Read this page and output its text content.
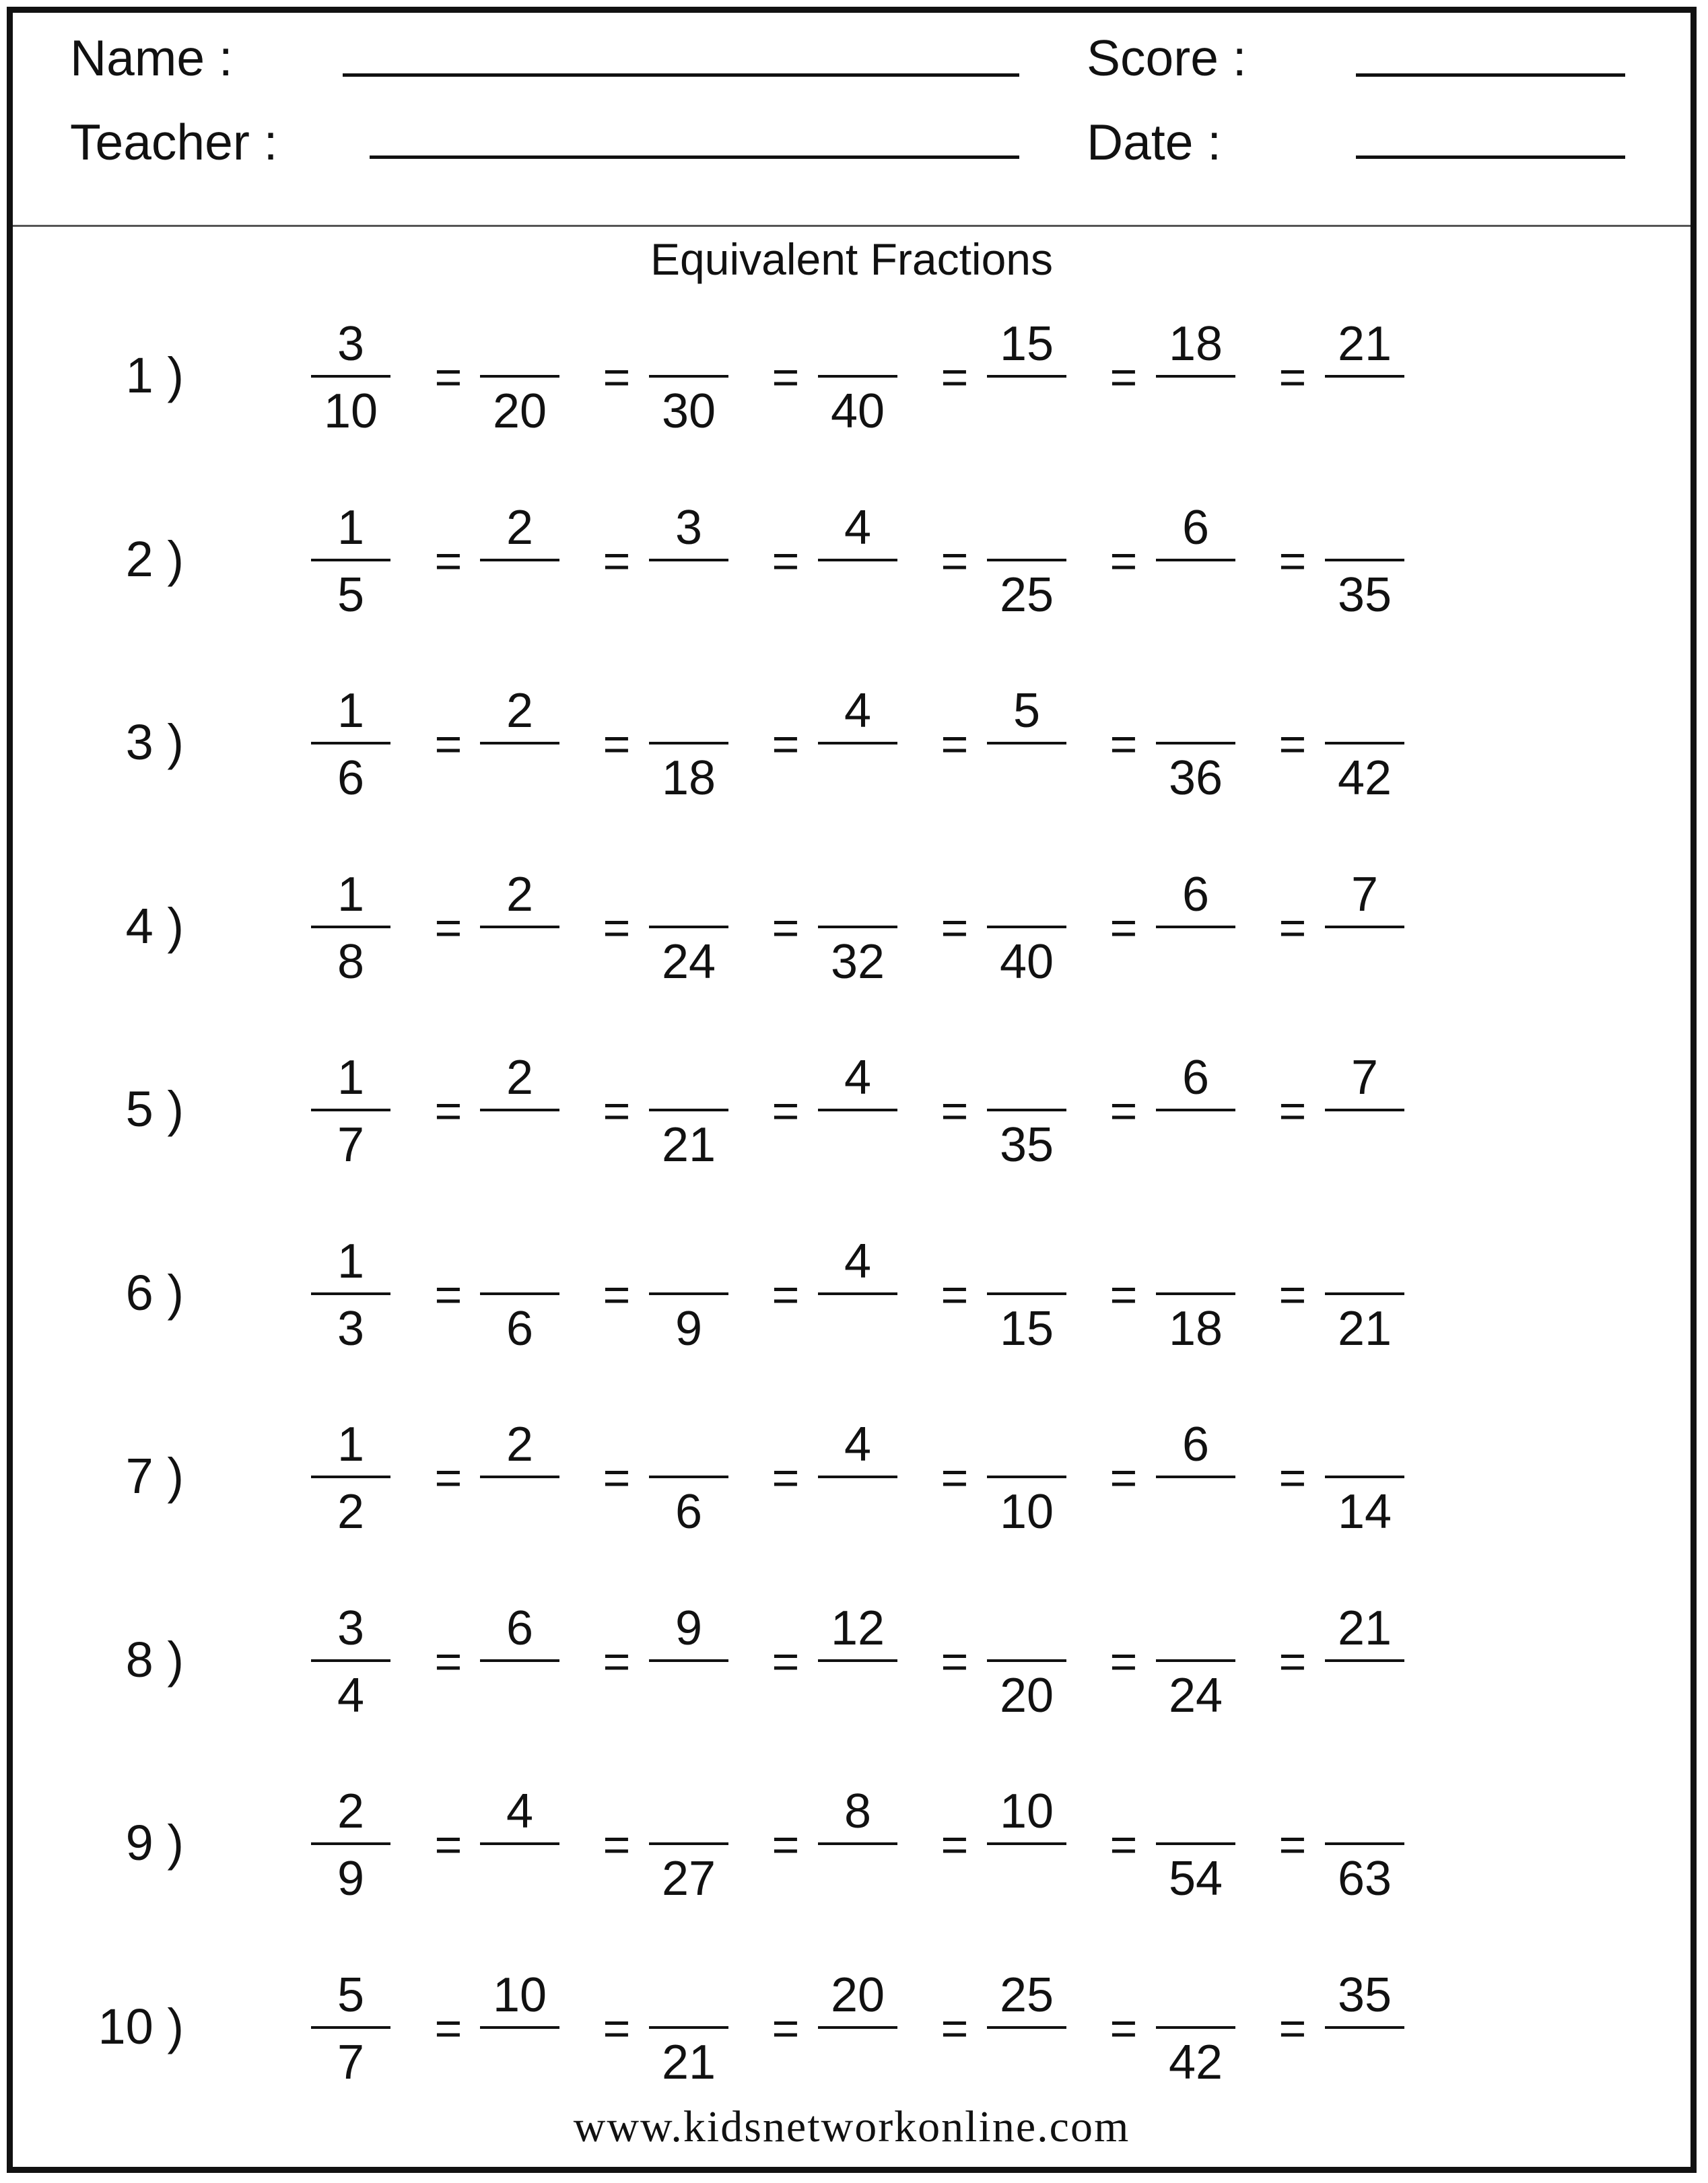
Name :
Teacher :
Score :
Date :
Equivalent Fractions
1 )
3
10
=
20
=
30
=
40
=
15
=
18
=
21
2 )
1
5
=
2
=
3
=
4
=
25
=
6
=
35
3 )
1
6
=
2
=
18
=
4
=
5
=
36
=
42
4 )
1
8
=
2
=
24
=
32
=
40
=
6
=
7
5 )
1
7
=
2
=
21
=
4
=
35
=
6
=
7
6 )
1
3
=
6
=
9
=
4
=
15
=
18
=
21
7 )
1
2
=
2
=
6
=
4
=
10
=
6
=
14
8 )
3
4
=
6
=
9
=
12
=
20
=
24
=
21
9 )
2
9
=
4
=
27
=
8
=
10
=
54
=
63
10 )
5
7
=
10
=
21
=
20
=
25
=
42
=
35
www.kidsnetworkonline.com
